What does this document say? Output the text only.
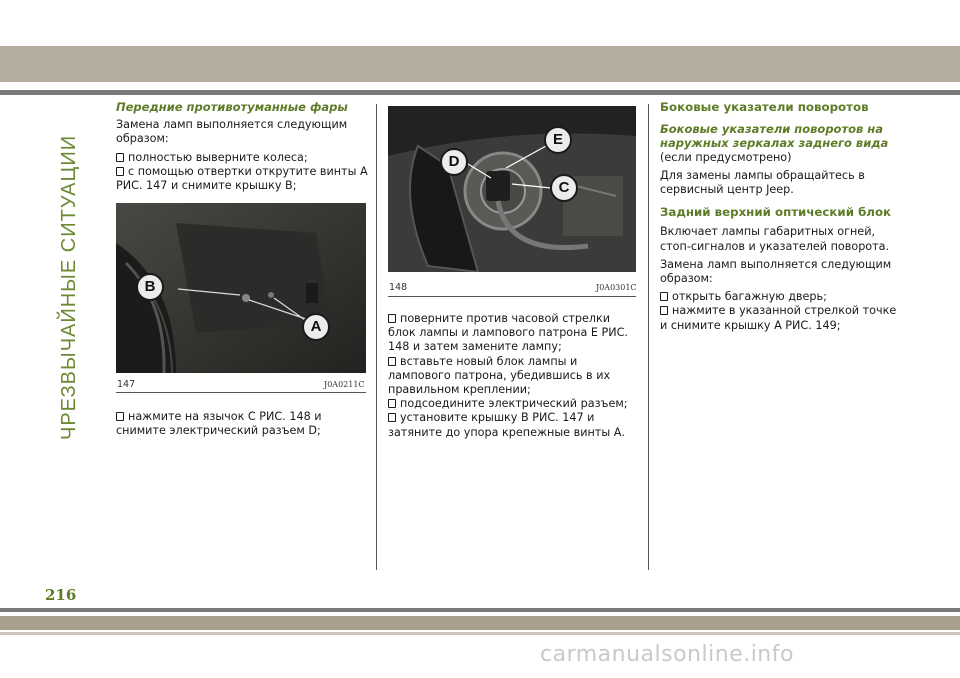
ЧРЕЗВЫЧАЙНЫЕ СИТУАЦИИ
216
carmanualsonline.info
Передние противотуманные фары

Замена ламп выполняется следующим образом:

полностью выверните колеса;
с помощью отвертки открутите винты А РИС. 147 и снимите крышку B;
B
A
147	J0A0211C
нажмите на язычок С РИС. 148 и снимите электрический разъем D;
D
E
C
148	J0A0301C
поверните против часовой стрелки блок лампы и лампового патрона E РИС. 148 и затем замените лампу;
вставьте новый блок лампы и лампового патрона, убедившись в их правильном креплении;
подсоедините электрический разъем;
установите крышку B РИС. 147 и затяните до упора крепежные винты А.
Боковые указатели поворотов
Боковые указатели поворотов на наружных зеркалах заднего вида

(если предусмотрено)

Для замены лампы обращайтесь в сервисный центр Jeep.

Задний верхний оптический блок

Включает лампы габаритных огней, стоп-сигналов и указателей поворота.

Замена ламп выполняется следующим образом:

открыть багажную дверь;
нажмите в указанной стрелкой точке и снимите крышку А РИС. 149;
